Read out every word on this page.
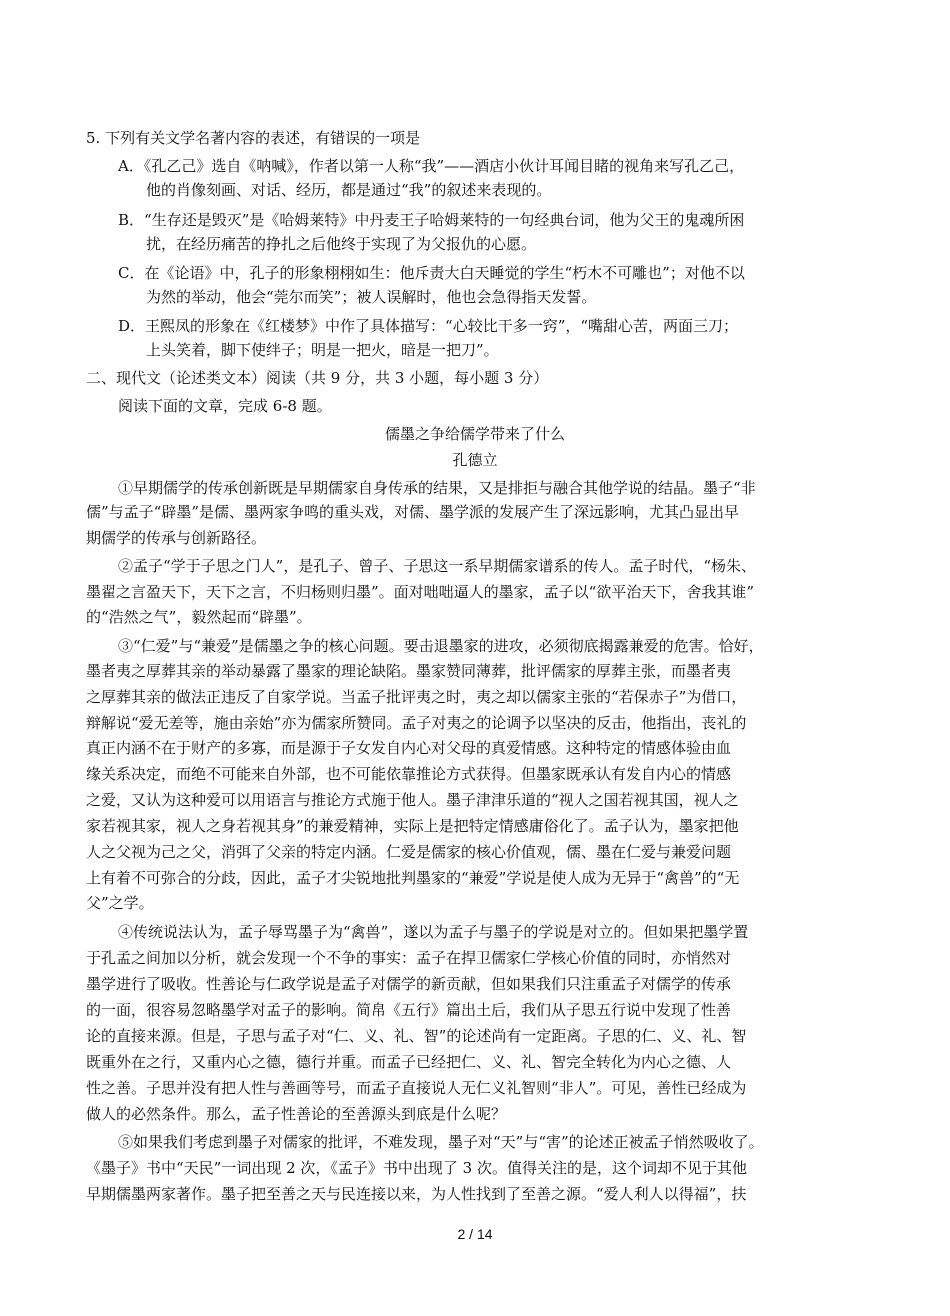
5. 下列有关文学名著内容的表述，有错误的一项是
A．《孔乙己》选自《呐喊》，作者以第一人称“我”——酒店小伙计耳闻目睹的视角来写孔乙己，
他的肖像刻画、对话、经历，都是通过“我”的叙述来表现的。
B．“生存还是毁灭”是《哈姆莱特》中丹麦王子哈姆莱特的一句经典台词，他为父王的鬼魂所困
扰，在经历痛苦的挣扎之后他终于实现了为父报仇的心愿。
C．在《论语》中，孔子的形象栩栩如生：他斥责大白天睡觉的学生“朽木不可雕也”；对他不以
为然的举动，他会“莞尔而笑”；被人误解时，他也会急得指天发誓。
D．王熙凤的形象在《红楼梦》中作了具体描写：“心较比干多一窍”，“嘴甜心苦，两面三刀；
上头笑着，脚下使绊子；明是一把火，暗是一把刀”。
二、现代文（论述类文本）阅读（共 9 分，共 3 小题，每小题 3 分）
阅读下面的文章，完成 6-8 题。
儒墨之争给儒学带来了什么
孔德立
①早期儒学的传承创新既是早期儒家自身传承的结果，又是排拒与融合其他学说的结晶。墨子“非
儒”与孟子“辟墨”是儒、墨两家争鸣的重头戏，对儒、墨学派的发展产生了深远影响，尤其凸显出早
期儒学的传承与创新路径。
②孟子“学于子思之门人”，是孔子、曾子、子思这一系早期儒家谱系的传人。孟子时代，“杨朱、
墨翟之言盈天下，天下之言，不归杨则归墨”。面对咄咄逼人的墨家，孟子以“欲平治天下，舍我其谁”
的“浩然之气”，毅然起而“辟墨”。
③“仁爱”与“兼爱”是儒墨之争的核心问题。要击退墨家的进攻，必须彻底揭露兼爱的危害。恰好，
墨者夷之厚葬其亲的举动暴露了墨家的理论缺陷。墨家赞同薄葬，批评儒家的厚葬主张，而墨者夷
之厚葬其亲的做法正违反了自家学说。当孟子批评夷之时，夷之却以儒家主张的“若保赤子”为借口，
辩解说“爱无差等，施由亲始”亦为儒家所赞同。孟子对夷之的论调予以坚决的反击，他指出，丧礼的
真正内涵不在于财产的多寡，而是源于子女发自内心对父母的真爱情感。这种特定的情感体验由血
缘关系决定，而绝不可能来自外部，也不可能依靠推论方式获得。但墨家既承认有发自内心的情感
之爱，又认为这种爱可以用语言与推论方式施于他人。墨子津津乐道的“视人之国若视其国，视人之
家若视其家，视人之身若视其身”的兼爱精神，实际上是把特定情感庸俗化了。孟子认为，墨家把他
人之父视为己之父，消弭了父亲的特定内涵。仁爱是儒家的核心价值观，儒、墨在仁爱与兼爱问题
上有着不可弥合的分歧，因此，孟子才尖锐地批判墨家的“兼爱”学说是使人成为无异于“禽兽”的“无
父”之学。
④传统说法认为，孟子辱骂墨子为“禽兽”，遂以为孟子与墨子的学说是对立的。但如果把墨学置
于孔孟之间加以分析，就会发现一个不争的事实：孟子在捍卫儒家仁学核心价值的同时，亦悄然对
墨学进行了吸收。性善论与仁政学说是孟子对儒学的新贡献，但如果我们只注重孟子对儒学的传承
的一面，很容易忽略墨学对孟子的影响。简帛《五行》篇出土后，我们从子思五行说中发现了性善
论的直接来源。但是，子思与孟子对“仁、义、礼、智”的论述尚有一定距离。子思的仁、义、礼、智
既重外在之行，又重内心之德，德行并重。而孟子已经把仁、义、礼、智完全转化为内心之德、人
性之善。子思并没有把人性与善画等号，而孟子直接说人无仁义礼智则“非人”。可见，善性已经成为
做人的必然条件。那么，孟子性善论的至善源头到底是什么呢？
⑤如果我们考虑到墨子对儒家的批评，不难发现，墨子对“天”与“害”的论述正被孟子悄然吸收了。
《墨子》书中“天民”一词出现 2 次，《孟子》书中出现了 3 次。值得关注的是，这个词却不见于其他
早期儒墨两家著作。墨子把至善之天与民连接以来，为人性找到了至善之源。“爱人利人以得福”，扶
2 / 14
